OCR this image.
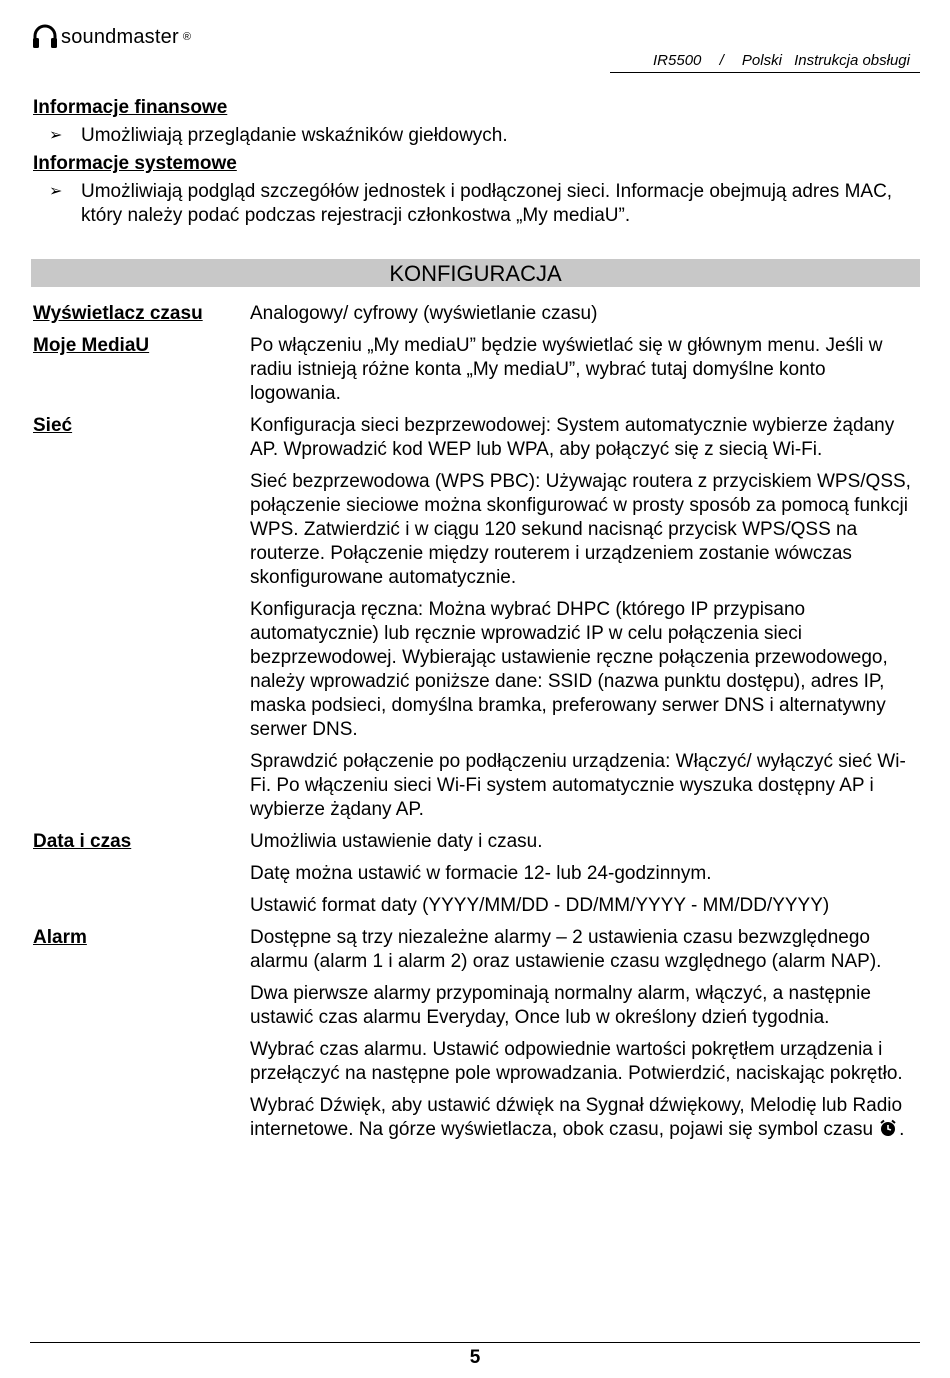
soundmaster ®
IR5500 / Polski Instrukcja obsługi

Informacje finansowe

➢ Umożliwiają przeglądanie wskaźników giełdowych.

Informacje systemowe

➢ Umożliwiają podgląd szczegółów jednostek i podłączonej sieci. Informacje obejmują adres MAC, który należy podać podczas rejestracji członkostwa „My mediaU”.
KONFIGURACJA
Wyświetlacz czasu	Analogowy/ cyfrowy (wyświetlanie czasu)

Moje MediaU	Po włączeniu „My mediaU” będzie wyświetlać się w głównym menu. Jeśli w radiu istnieją różne konta „My mediaU”, wybrać tutaj domyślne konto logowania.

Sieć	Konfiguracja sieci bezprzewodowej: System automatycznie wybierze żądany AP. Wprowadzić kod WEP lub WPA, aby połączyć się z siecią Wi-Fi.

Sieć bezprzewodowa (WPS PBC): Używając routera z przyciskiem WPS/QSS, połączenie sieciowe można skonfigurować w prosty sposób za pomocą funkcji WPS. Zatwierdzić i w ciągu 120 sekund nacisnąć przycisk WPS/QSS na routerze. Połączenie między routerem i urządzeniem zostanie wówczas skonfigurowane automatycznie.

Konfiguracja ręczna: Można wybrać DHPC (którego IP przypisano automatycznie) lub ręcznie wprowadzić IP w celu połączenia sieci bezprzewodowej. Wybierając ustawienie ręczne połączenia przewodowego, należy wprowadzić poniższe dane: SSID (nazwa punktu dostępu), adres IP, maska podsieci, domyślna bramka, preferowany serwer DNS i alternatywny serwer DNS.

Sprawdzić połączenie po podłączeniu urządzenia: Włączyć/ wyłączyć sieć Wi-Fi. Po włączeniu sieci Wi-Fi system automatycznie wyszuka dostępny AP i wybierze żądany AP.

Data i czas	Umożliwia ustawienie daty i czasu.

Datę można ustawić w formacie 12- lub 24-godzinnym.

Ustawić format daty (YYYY/MM/DD - DD/MM/YYYY - MM/DD/YYYY)

Alarm	Dostępne są trzy niezależne alarmy – 2 ustawienia czasu bezwzględnego alarmu (alarm 1 i alarm 2) oraz ustawienie czasu względnego (alarm NAP).

Dwa pierwsze alarmy przypominają normalny alarm, włączyć, a następnie ustawić czas alarmu Everyday, Once lub w określony dzień tygodnia.

Wybrać czas alarmu. Ustawić odpowiednie wartości pokrętłem urządzenia i przełączyć na następne pole wprowadzania. Potwierdzić, naciskając pokrętło.

Wybrać Dźwięk, aby ustawić dźwięk na Sygnał dźwiękowy, Melodię lub Radio internetowe. Na górze wyświetlacza, obok czasu, pojawi się symbol czasu .

5
